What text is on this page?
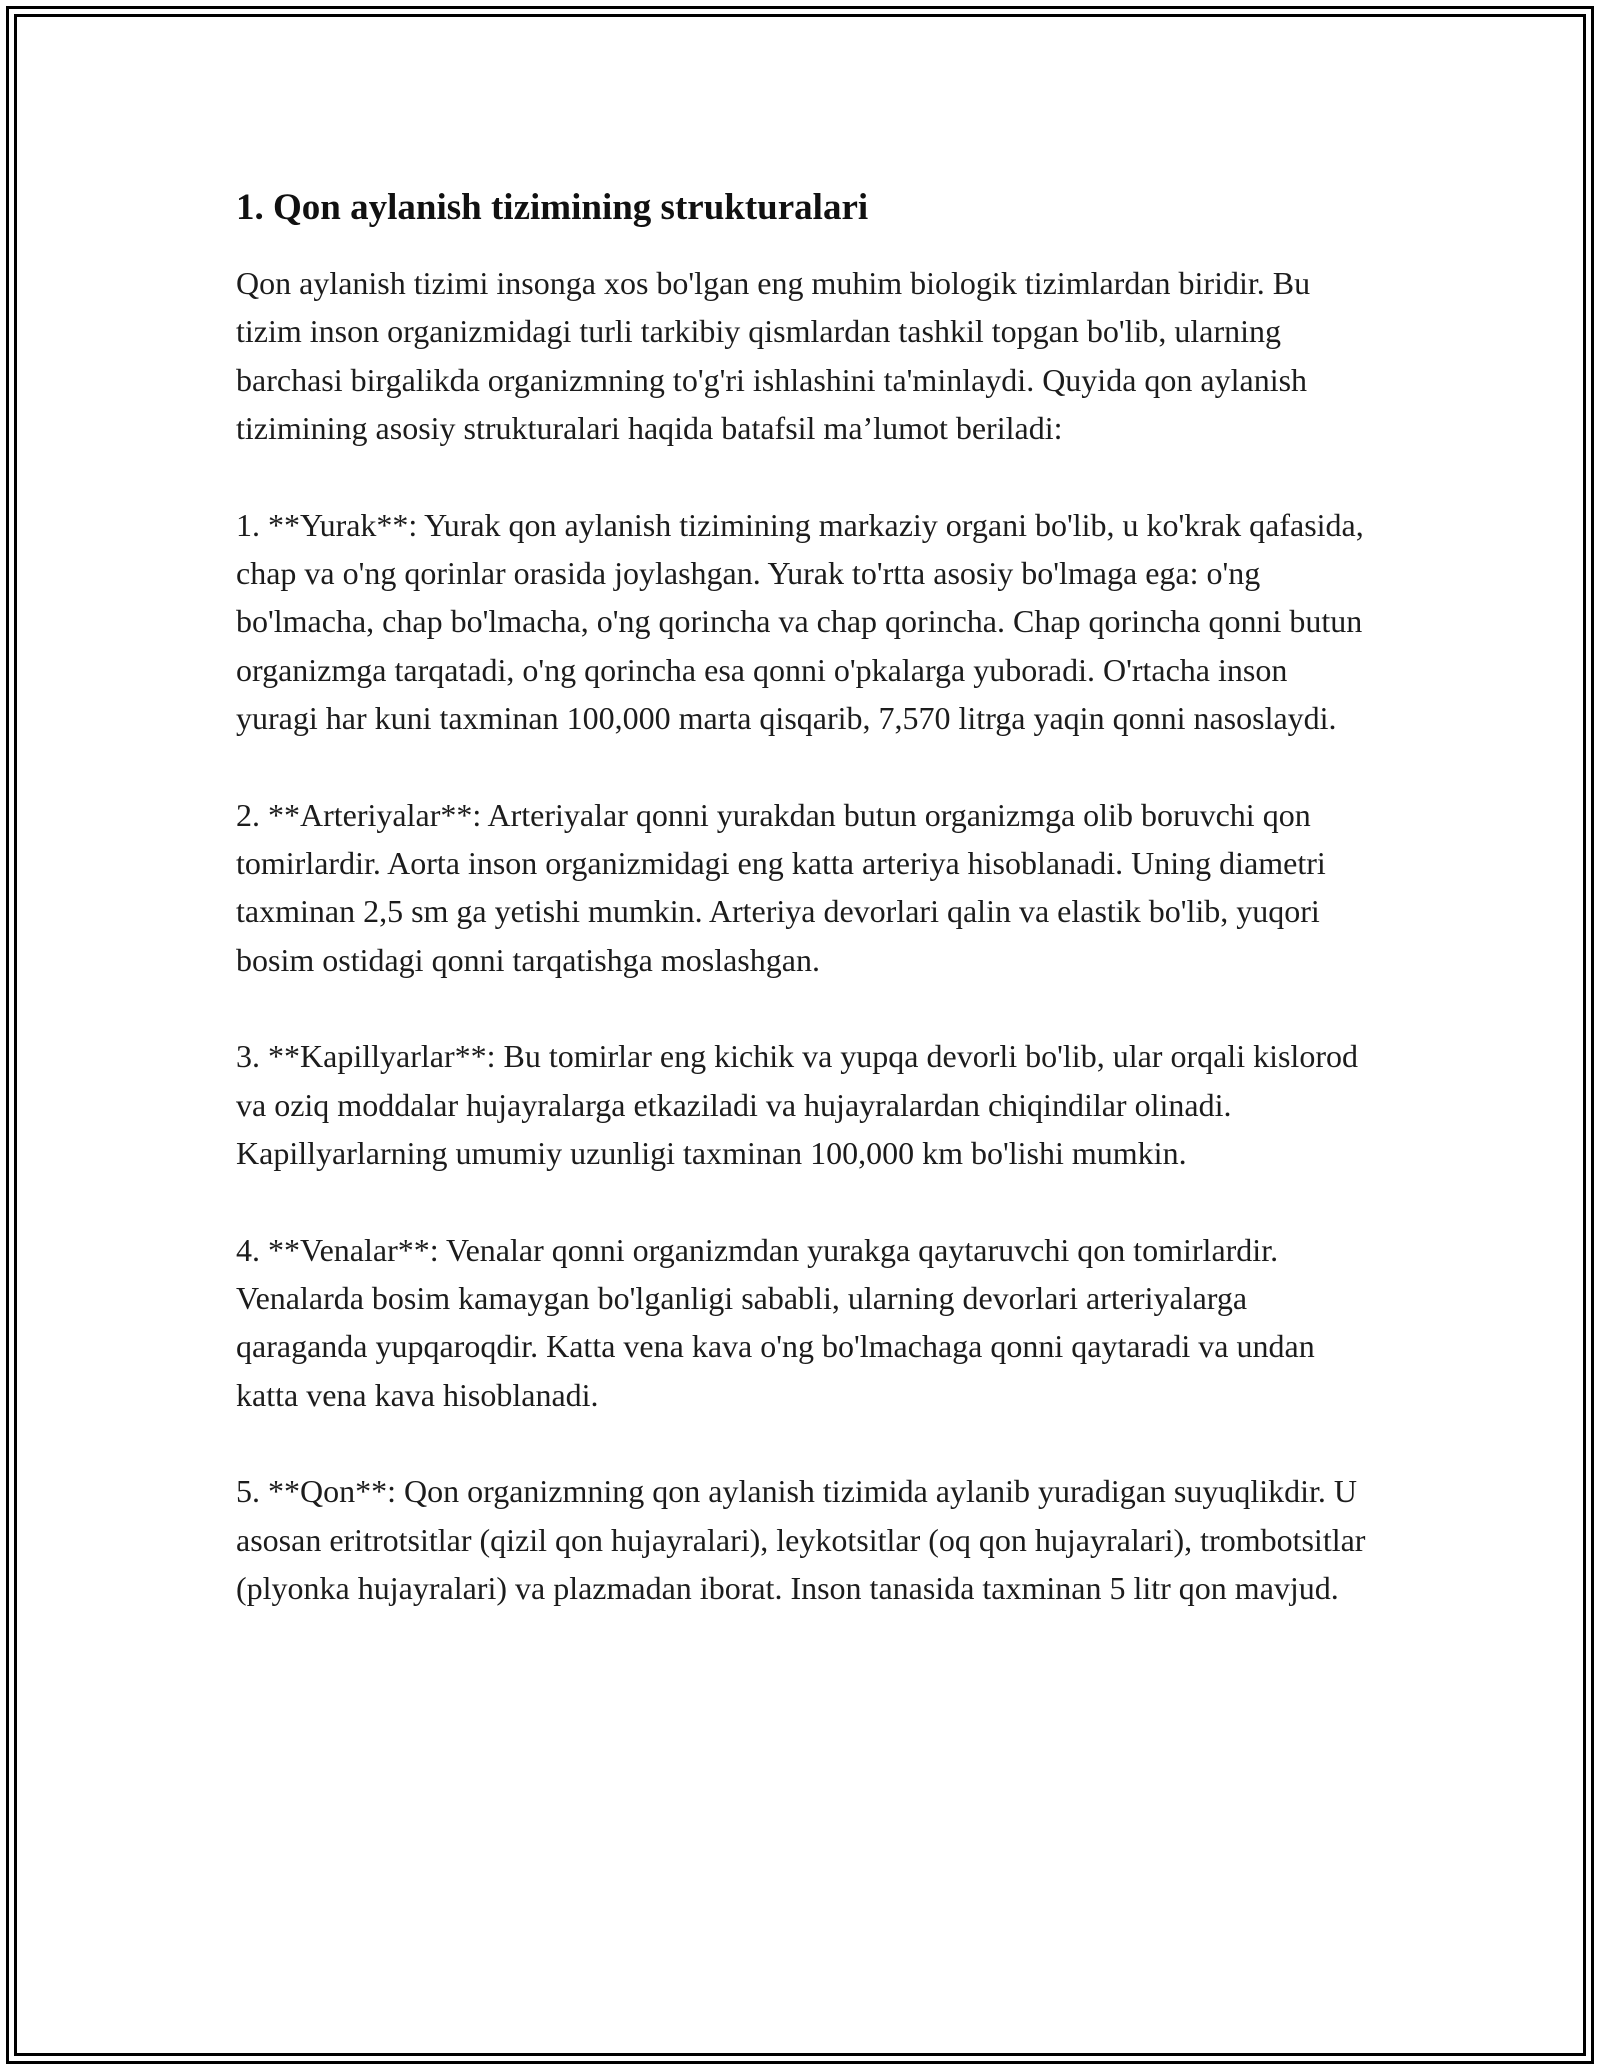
1. Qon aylanish tizimining strukturalari

Qon aylanish tizimi insonga xos bo'lgan eng muhim biologik tizimlardan biridir. Bu tizim inson organizmidagi turli tarkibiy qismlardan tashkil topgan bo'lib, ularning barchasi birgalikda organizmning to'g'ri ishlashini ta'minlaydi. Quyida qon aylanish tizimining asosiy strukturalari haqida batafsil ma’lumot beriladi:

1. **Yurak**: Yurak qon aylanish tizimining markaziy organi bo'lib, u ko'krak qafasida, chap va o'ng qorinlar orasida joylashgan. Yurak to'rtta asosiy bo'lmaga ega: o'ng bo'lmacha, chap bo'lmacha, o'ng qorincha va chap qorincha. Chap qorincha qonni butun organizmga tarqatadi, o'ng qorincha esa qonni o'pkalarga yuboradi. O'rtacha inson yuragi har kuni taxminan 100,000 marta qisqarib, 7,570 litrga yaqin qonni nasoslaydi.

2. **Arteriyalar**: Arteriyalar qonni yurakdan butun organizmga olib boruvchi qon tomirlardir. Aorta inson organizmidagi eng katta arteriya hisoblanadi. Uning diametri taxminan 2,5 sm ga yetishi mumkin. Arteriya devorlari qalin va elastik bo'lib, yuqori bosim ostidagi qonni tarqatishga moslashgan.

3. **Kapillyarlar**: Bu tomirlar eng kichik va yupqa devorli bo'lib, ular orqali kislorod va oziq moddalar hujayralarga etkaziladi va hujayralardan chiqindilar olinadi. Kapillyarlarning umumiy uzunligi taxminan 100,000 km bo'lishi mumkin.

4. **Venalar**: Venalar qonni organizmdan yurakga qaytaruvchi qon tomirlardir. Venalarda bosim kamaygan bo'lganligi sababli, ularning devorlari arteriyalarga qaraganda yupqaroqdir. Katta vena kava o'ng bo'lmachaga qonni qaytaradi va undan katta vena kava hisoblanadi.

5. **Qon**: Qon organizmning qon aylanish tizimida aylanib yuradigan suyuqlikdir. U asosan eritrotsitlar (qizil qon hujayralari), leykotsitlar (oq qon hujayralari), trombotsitlar (plyonka hujayralari) va plazmadan iborat. Inson tanasida taxminan 5 litr qon mavjud.
